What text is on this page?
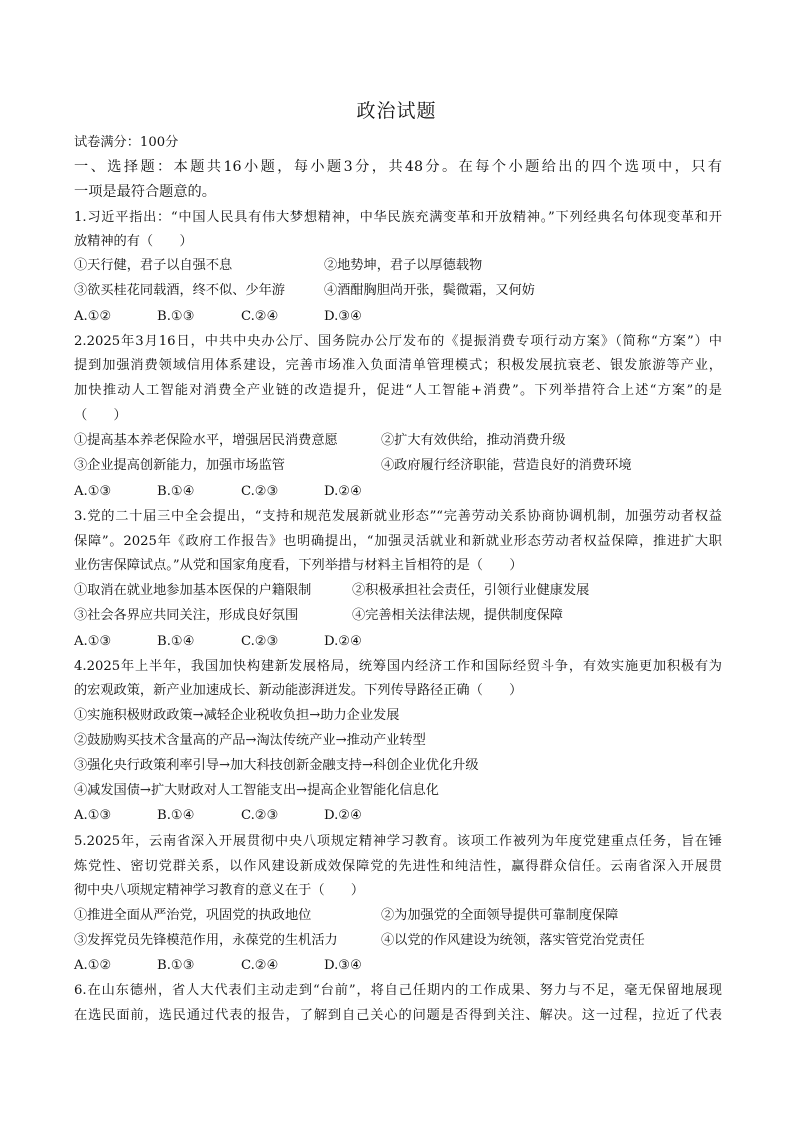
政治试题
试卷满分：100分
一、选择题：本题共16小题，每小题3分，共48分。在每个小题给出的四个选项中，只有
一项是最符合题意的。
1.习近平指出：“中国人民具有伟大梦想精神，中华民族充满变革和开放精神。”下列经典名句体现变革和开
放精神的有（　　）
①天行健，君子以自强不息	②地势坤，君子以厚德载物
③欲买桂花同载酒，终不似、少年游	④酒酣胸胆尚开张，鬓微霜，又何妨
A.①②	B.①③	C.②④	D.③④
2.2025年3月16日，中共中央办公厅、国务院办公厅发布的《提振消费专项行动方案》（简称“方案”）中
提到加强消费领域信用体系建设，完善市场准入负面清单管理模式；积极发展抗衰老、银发旅游等产业，
加快推动人工智能对消费全产业链的改造提升，促进“人工智能+消费”。下列举措符合上述“方案”的是
（　　）
①提高基本养老保险水平，增强居民消费意愿	②扩大有效供给，推动消费升级
③企业提高创新能力，加强市场监管	④政府履行经济职能，营造良好的消费环境
A.①③	B.①④	C.②③	D.②④
3.党的二十届三中全会提出，“支持和规范发展新就业形态”“完善劳动关系协商协调机制，加强劳动者权益
保障”。2025年《政府工作报告》也明确提出，“加强灵活就业和新就业形态劳动者权益保障，推进扩大职
业伤害保障试点。”从党和国家角度看，下列举措与材料主旨相符的是（　　）
①取消在就业地参加基本医保的户籍限制	②积极承担社会责任，引领行业健康发展
③社会各界应共同关注，形成良好氛围	④完善相关法律法规，提供制度保障
A.①③	B.①④	C.②③	D.②④
4.2025年上半年，我国加快构建新发展格局，统筹国内经济工作和国际经贸斗争，有效实施更加积极有为
的宏观政策，新产业加速成长、新动能澎湃迸发。下列传导路径正确（　　）
①实施积极财政政策→减轻企业税收负担→助力企业发展
②鼓励购买技术含量高的产品→淘汰传统产业→推动产业转型
③强化央行政策利率引导→加大科技创新金融支持→科创企业优化升级
④减发国债→扩大财政对人工智能支出→提高企业智能化信息化
A.①③	B.①④	C.②③	D.②④
5.2025年，云南省深入开展贯彻中央八项规定精神学习教育。该项工作被列为年度党建重点任务，旨在锤
炼党性、密切党群关系，以作风建设新成效保障党的先进性和纯洁性，赢得群众信任。云南省深入开展贯
彻中央八项规定精神学习教育的意义在于（　　）
①推进全面从严治党，巩固党的执政地位	②为加强党的全面领导提供可靠制度保障
③发挥党员先锋模范作用，永葆党的生机活力	④以党的作风建设为统领，落实管党治党责任
A.①②	B.①③	C.②④	D.③④
6.在山东德州，省人大代表们主动走到“台前”，将自己任期内的工作成果、努力与不足，毫无保留地展现
在选民面前，选民通过代表的报告，了解到自己关心的问题是否得到关注、解决。这一过程，拉近了代表
